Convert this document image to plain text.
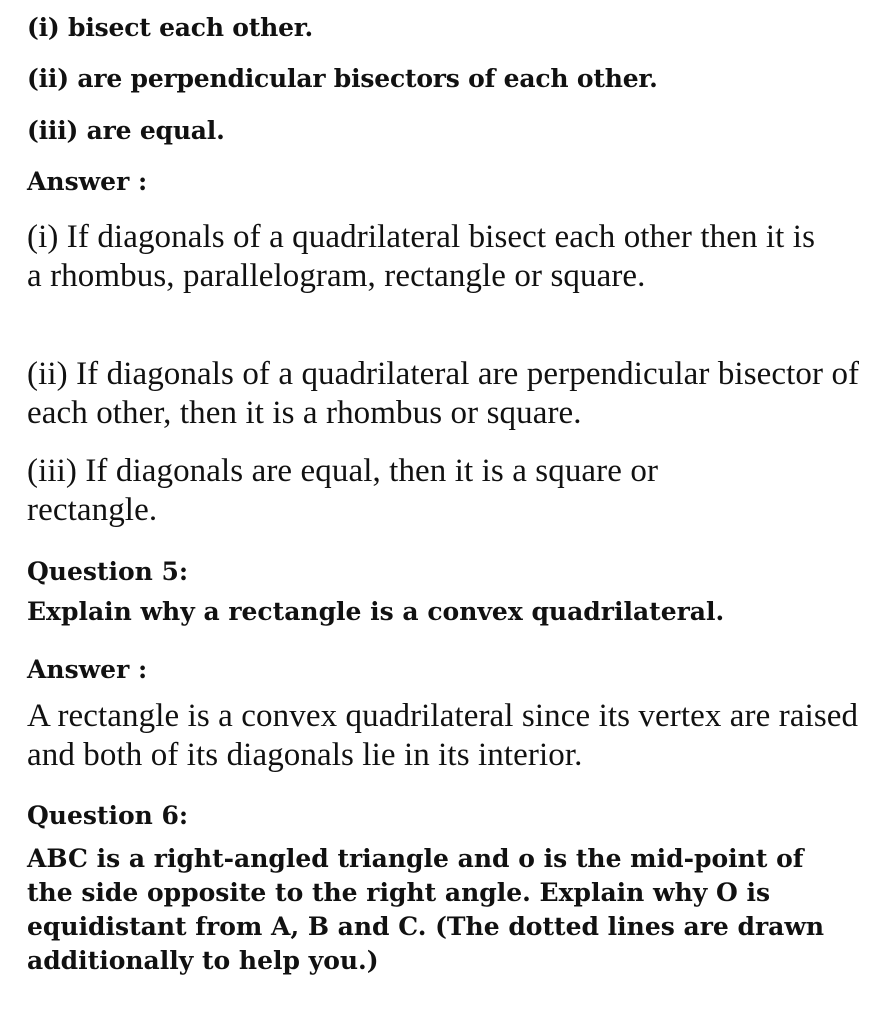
(i) bisect each other.

(ii) are perpendicular bisectors of each other.

(iii) are equal.

Answer :

(i) If diagonals of a quadrilateral bisect each other then it is a rhombus, parallelogram, rectangle or square.

(ii) If diagonals of a quadrilateral are perpendicular bisector of each other, then it is a rhombus or square.

(iii) If diagonals are equal, then it is a square or rectangle.

Question 5:

Explain why a rectangle is a convex quadrilateral.

Answer :

A rectangle is a convex quadrilateral since its vertex are raised and both of its diagonals lie in its interior.

Question 6:

ABC is a right-angled triangle and o is the mid-point of the side opposite to the right angle. Explain why O is equidistant from A, B and C. (The dotted lines are drawn additionally to help you.)
